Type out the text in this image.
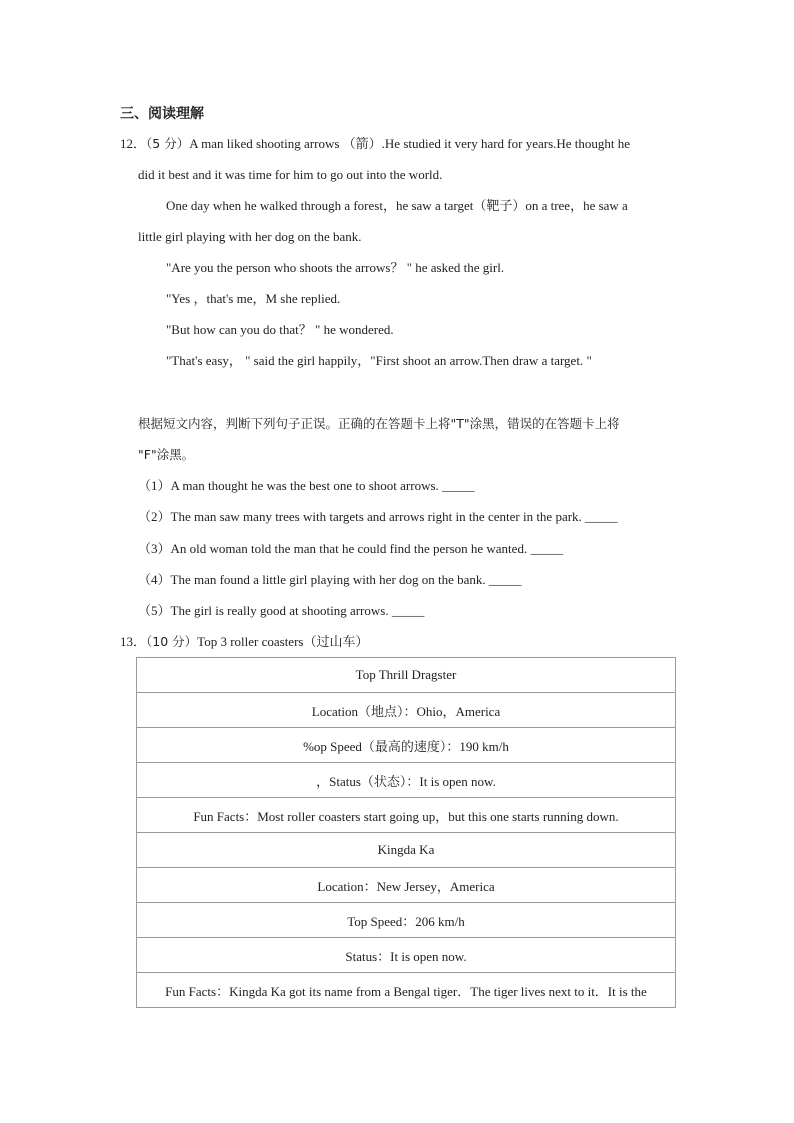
三、阅读理解
12．（5 分）A man liked shooting arrows （箭）.He studied it very hard for years.He thought he
did it best and it was time for him to go out into the world.
One day when he walked through a forest，he saw a target（靶子）on a tree，he saw a
little girl playing with her dog on the bank.
"Are you the person who shoots the arrows？ " he asked the girl.
"Yes ，that's me，M she replied.
"But how can you do that？ " he wondered.
"That's easy， " said the girl happily，"First shoot an arrow.Then draw a target. "
根据短文内容，判断下列句子正误。正确的在答题卡上将"T"涂黑，错误的在答题卡上将
"F"涂黑。
（1）A man thought he was the best one to shoot arrows. _____
（2）The man saw many trees with targets and arrows right in the center in the park. _____
（3）An old woman told the man that he could find the person he wanted. _____
（4）The man found a little girl playing with her dog on the bank. _____
（5）The girl is really good at shooting arrows. _____
13．（10 分）Top 3 roller coasters（过山车）
Top Thrill Dragster
Location（地点）：Ohio，America
%op Speed（最高的速度）：190 km/h
，Status（状态）：It is open now.
Fun Facts：Most roller coasters start going up，but this one starts running down.
Kingda Ka
Location：New Jersey，America
Top Speed：206 km/h
Status：It is open now.
Fun Facts：Kingda Ka got its name from a Bengal tiger．The tiger lives next to it．It is the
